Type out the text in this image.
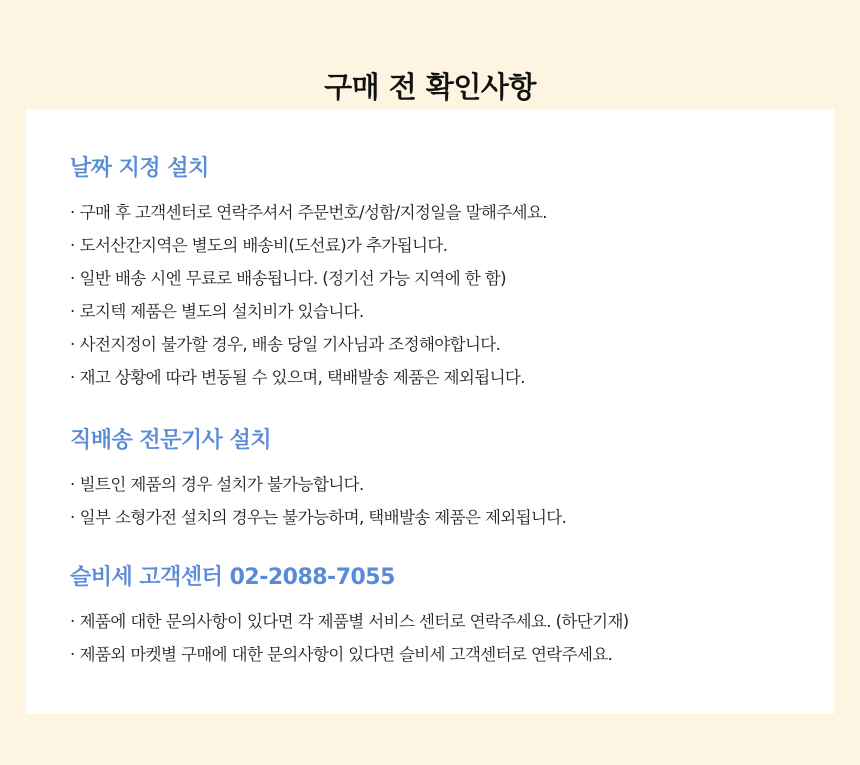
구매 전 확인사항
날짜 지정 설치
· 구매 후 고객센터로 연락주셔서 주문번호/성함/지정일을 말해주세요.
· 도서산간지역은 별도의 배송비(도선료)가 추가됩니다.
· 일반 배송 시엔 무료로 배송됩니다. (정기선 가능 지역에 한 함)
· 로지텍 제품은 별도의 설치비가 있습니다.
· 사전지정이 불가할 경우, 배송 당일 기사님과 조정해야합니다.
· 재고 상황에 따라 변동될 수 있으며, 택배발송 제품은 제외됩니다.
직배송 전문기사 설치
· 빌트인 제품의 경우 설치가 불가능합니다.
· 일부 소형가전 설치의 경우는 불가능하며, 택배발송 제품은 제외됩니다.
슬비세 고객센터 02-2088-7055
· 제품에 대한 문의사항이 있다면 각 제품별 서비스 센터로 연락주세요. (하단기재)
· 제품외 마켓별 구매에 대한 문의사항이 있다면 슬비세 고객센터로 연락주세요.
